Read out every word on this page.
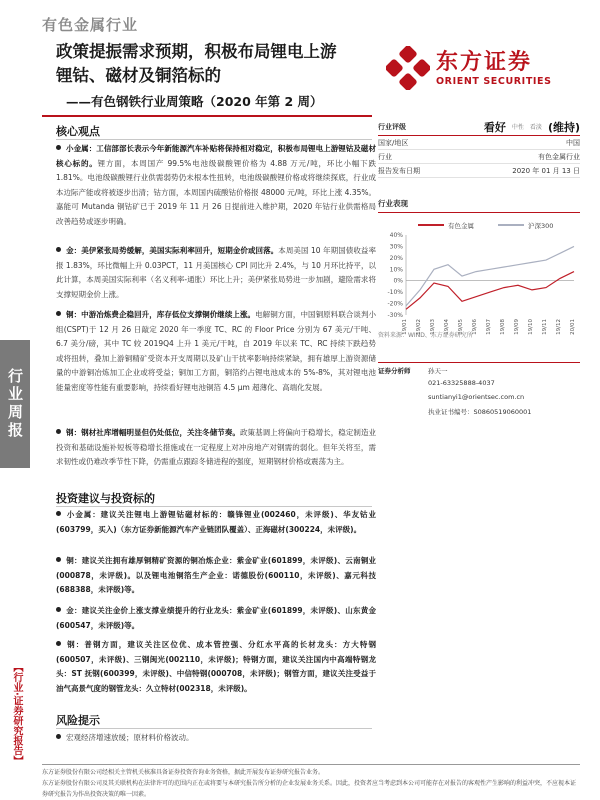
有色金属行业
政策提振需求预期，积极布局锂电上游
锂钴、磁材及铜箔标的
——有色钢铁行业周策略（2020 年第 2 周）
东方证券
ORIENT SECURITIES
行业周报
【行业·证券研究报告】
核心观点
小金属：工信部部长表示今年新能源汽车补贴将保持相对稳定，积极布局锂电上游锂钴及磁材核心标的。锂方面，本周国产 99.5%电池级碳酸锂价格为 4.88 万元/吨，环比小幅下跌 1.81%。电池级碳酸锂行业供需弱势仍未根本性扭转，电池级碳酸锂价格或将继续探底，行业成本边际产能或将被逐步出清；钴方面，本周国内硫酸钴价格报 48000 元/吨，环比上涨 4.35%。嘉能可 Mutanda 铜钴矿已于 2019 年 11 月 26 日提前进入维护期，2020 年钴行业供需格局改善趋势或逐步明确。
金：美伊紧张局势缓解，美国实际利率回升，短期金价或回落。本周美国 10 年期国债收益率报 1.83%，环比微幅上升 0.03PCT，11 月美国核心 CPI 同比升 2.4%，与 10 月环比持平，以此计算，本周美国实际利率（名义利率-通胀）环比上升；美伊紧张局势进一步加剧，避险需求将支撑短期金价上涨。
铜：中游冶炼费企稳回升，库存低位支撑铜价继续上涨。电解铜方面，中国铜原料联合谈判小组(CSPT)于 12 月 26 日敲定 2020 年一季度 TC、RC 的 Floor Price 分别为 67 美元/干吨、6.7 美分/磅，其中 TC 较 2019Q4 上升 1 美元/干吨，自 2019 年以来 TC、RC 持续下跌趋势或将扭转，叠加上游铜精矿受资本开支周期以及矿山干扰率影响持续紧缺，拥有雄厚上游资源储量的中游铜冶炼加工企业或将受益；铜加工方面，铜箔约占锂电池成本的 5%-8%，其对锂电池能量密度等性能有重要影响，持续看好锂电池铜箔 4.5 μm 超薄化、高端化发展。
钢：钢材社库增幅明显但仍处低位，关注冬储节奏。政策基调上将偏向于稳增长，稳定制造业投资和基础设施补短板等稳增长措施或在一定程度上对冲房地产对钢需的弱化。但年关将至，需求韧性或仍难改季节性下降，仍需重点跟踪冬储进程的强度，短期钢材价格或震荡为主。
投资建议与投资标的
小金属：建议关注锂电上游锂钴磁材标的：赣锋锂业(002460，未评级)、华友钴业(603799，买入)（东方证券新能源汽车产业链团队覆盖）、正海磁材(300224，未评级)。
铜：建议关注拥有雄厚铜精矿资源的铜冶炼企业：紫金矿业(601899，未评级)、云南铜业(000878，未评级)。以及锂电池铜箔生产企业：诺德股份(600110，未评级)、嘉元科技(688388，未评级)等。
金：建议关注金价上涨支撑业绩提升的行业龙头：紫金矿业(601899，未评级)、山东黄金(600547，未评级)等。
钢：普钢方面，建议关注区位优、成本管控强、分红水平高的长材龙头：方大特钢(600507，未评级)、三钢闽光(002110，未评级)；特钢方面，建议关注国内中高端特钢龙头：ST 抚钢(600399，未评级)、中信特钢(000708，未评级)；钢管方面，建议关注受益于油气高景气度的钢管龙头：久立特材(002318，未评级)。
风险提示
宏观经济增速放缓；原材料价格波动。
行业评级	看好 中性 看淡 (维持)
国家/地区	中国
行业	有色金属行业
报告发布日期	2020 年 01 月 13 日
行业表现
有色金属	沪深300
40%
30%
20%
10%
0%
-10%
-20%
-30%
19/01 19/02 19/03 19/04 19/05 19/06 19/07 19/08 19/09 19/10 19/11 19/12 20/01
资料来源：WIND、东方证券研究所
证券分析师	孙天一
021-63325888-4037
suntianyi1@orientsec.com.cn
执业证书编号：S0860519060001
东方证券股份有限公司经相关主管机关核准具备证券投资咨询业务资格，据此开展发布证券研究报告业务。
东方证券股份有限公司及其关联机构在法律许可的范围内正在或将要与本研究报告所分析的企业发展业务关系。因此，投资者应当考虑到本公司可能存在对报告的客观性产生影响的利益冲突，不应视本证券研究报告为作出投资决策的唯一因素。
